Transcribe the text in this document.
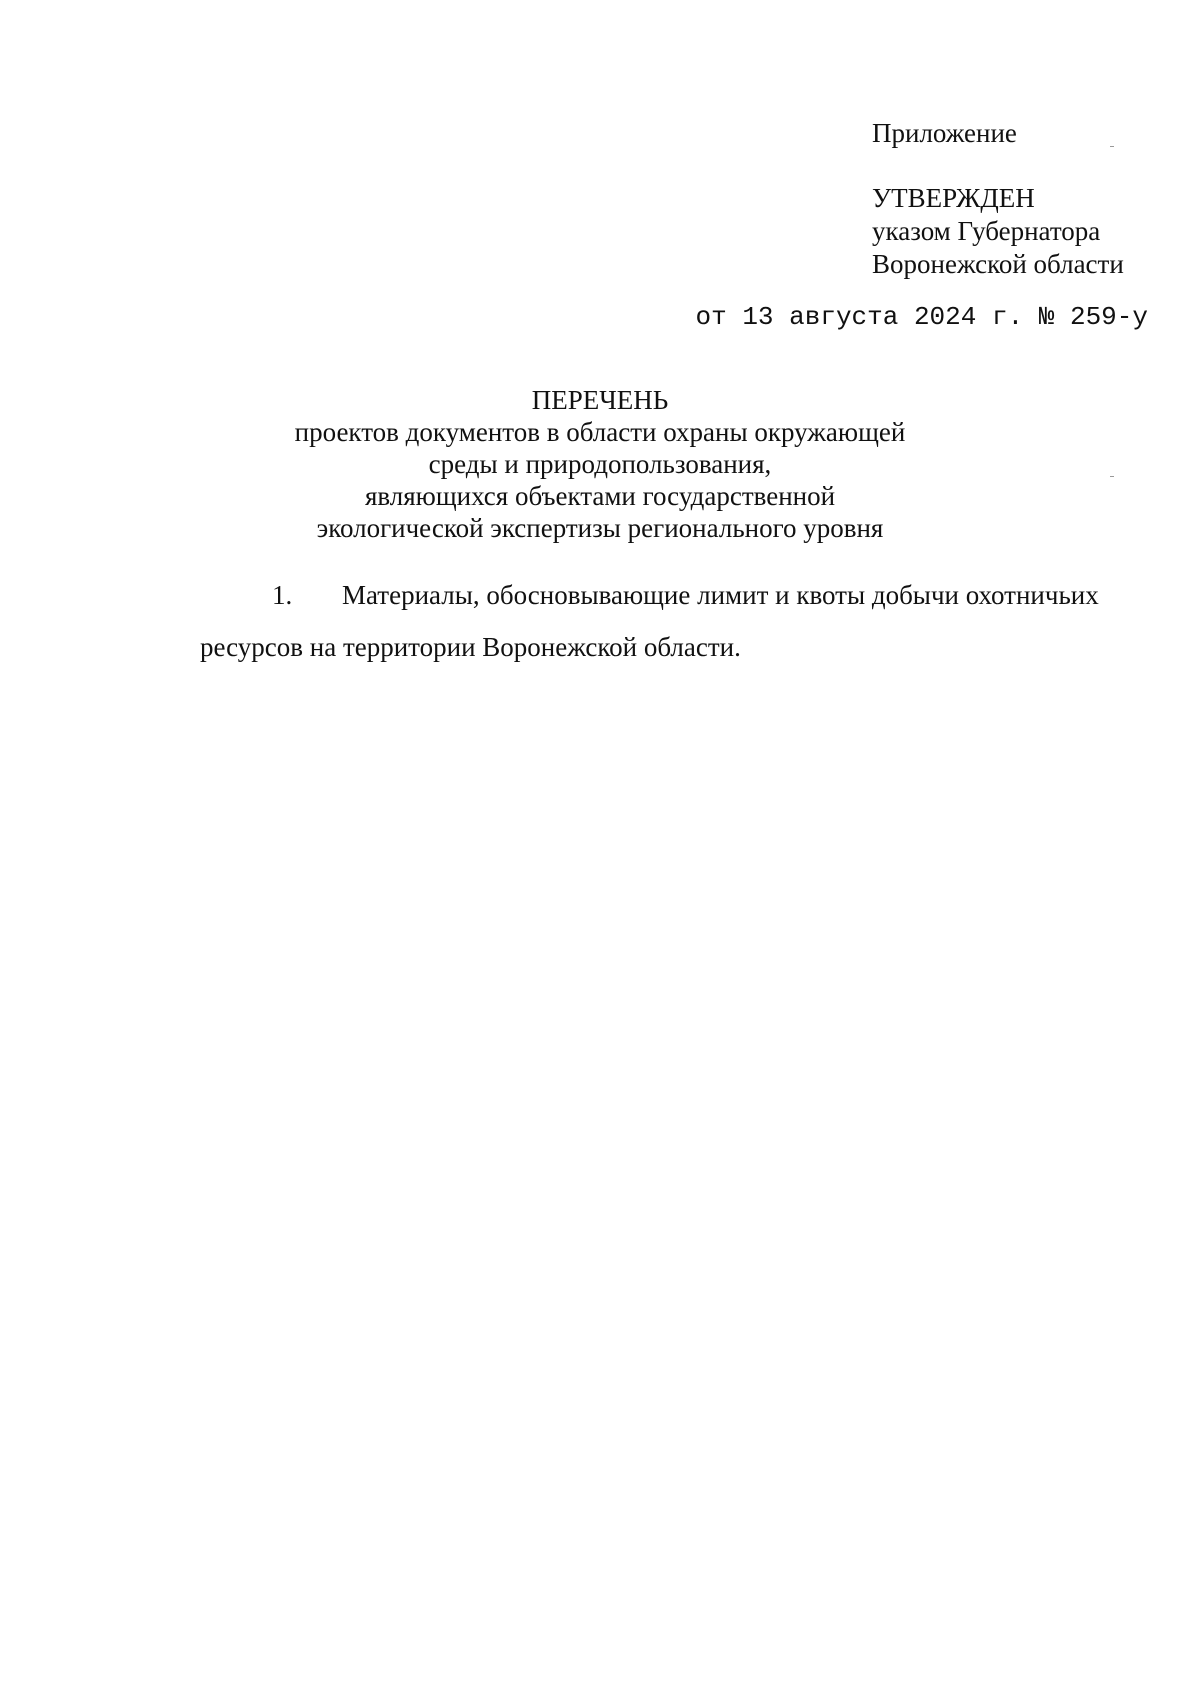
Приложение
УТВЕРЖДЕН
указом Губернатора
Воронежской области
от 13 августа 2024 г. № 259-у
ПЕРЕЧЕНЬ
проектов документов в области охраны окружающей
среды и природопользования,
являющихся объектами государственной
экологической экспертизы регионального уровня
1. Материалы, обосновывающие лимит и квоты добычи охотничьих
ресурсов на территории Воронежской области.
